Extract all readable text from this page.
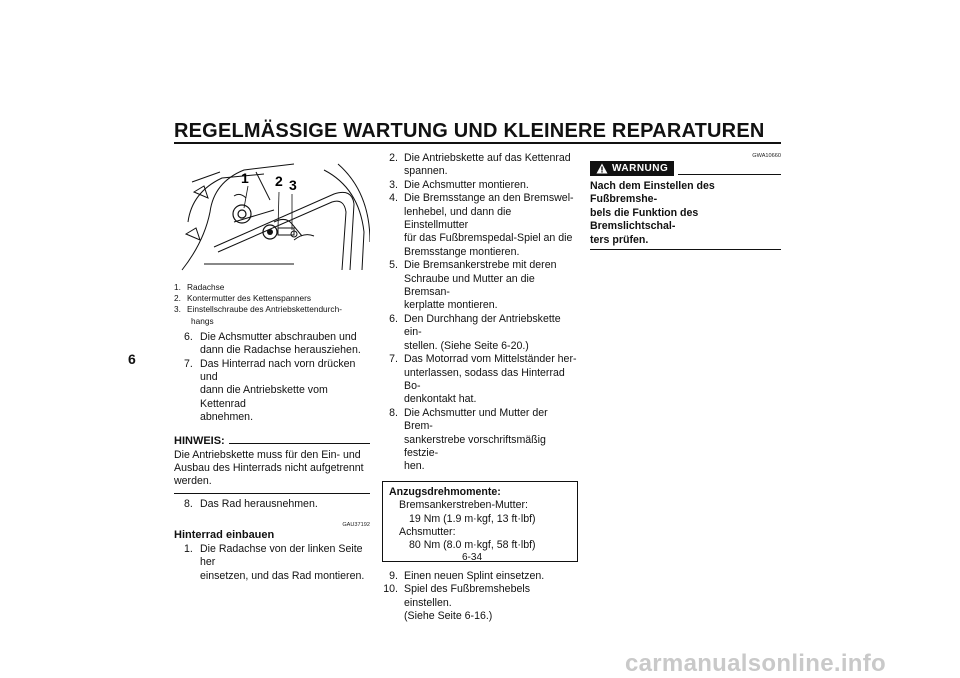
REGELMÄSSIGE WARTUNG UND KLEINERE REPARATUREN
6
1 2 3
1. Radachse
2. Kontermutter des Kettenspanners
3. Einstellschraube des Antriebskettendurch-
hangs
6. Die Achsmutter abschrauben und
dann die Radachse herausziehen.
7. Das Hinterrad nach vorn drücken und
dann die Antriebskette vom Kettenrad
abnehmen.
HINWEIS:
Die Antriebskette muss für den Ein- und
Ausbau des Hinterrads nicht aufgetrennt
werden.
8. Das Rad herausnehmen.
GAU37192
Hinterrad einbauen
1. Die Radachse von der linken Seite her
einsetzen, und das Rad montieren.
2. Die Antriebskette auf das Kettenrad
spannen.
3. Die Achsmutter montieren.
4. Die Bremsstange an den Bremswel-
lenhebel, und dann die Einstellmutter
für das Fußbremspedal-Spiel an die
Bremsstange montieren.
5. Die Bremsankerstrebe mit deren
Schraube und Mutter an die Bremsan-
kerplatte montieren.
6. Den Durchhang der Antriebskette ein-
stellen. (Siehe Seite 6-20.)
7. Das Motorrad vom Mittelständer her-
unterlassen, sodass das Hinterrad Bo-
denkontakt hat.
8. Die Achsmutter und Mutter der Brem-
sankerstrebe vorschriftsmäßig festzie-
hen.
Anzugsdrehmomente:
Bremsankerstreben-Mutter:
19 Nm (1.9 m·kgf, 13 ft·lbf)
Achsmutter:
80 Nm (8.0 m·kgf, 58 ft·lbf)
9. Einen neuen Splint einsetzen.
10. Spiel des Fußbremshebels einstellen.
(Siehe Seite 6-16.)
GWA10660
WARNUNG
Nach dem Einstellen des Fußbremshe-
bels die Funktion des Bremslichtschal-
ters prüfen.
6-34
carmanualsonline.info
